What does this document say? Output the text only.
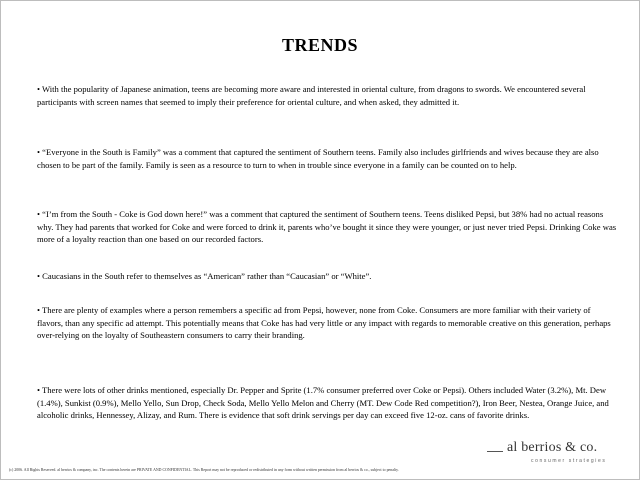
TRENDS

• With the popularity of Japanese animation, teens are becoming more aware and interested in oriental culture, from dragons to swords. We encountered several participants with screen names that seemed to imply their preference for oriental culture, and when asked, they admitted it.

• “Everyone in the South is Family” was a comment that captured the sentiment of Southern teens. Family also includes girlfriends and wives because they are also chosen to be part of the family. Family is seen as a resource to turn to when in trouble since everyone in a family can be counted on to help.

• “I’m from the South - Coke is God down here!” was a comment that captured the sentiment of Southern teens. Teens disliked Pepsi, but 38% had no actual reasons why. They had parents that worked for Coke and were forced to drink it, parents who’ve bought it since they were younger, or just never tried Pepsi. Drinking Coke was more of a loyalty reaction than one based on our recorded factors.

• Caucasians in the South refer to themselves as “American” rather than “Caucasian” or “White”.

• There are plenty of examples where a person remembers a specific ad from Pepsi, however, none from Coke. Consumers are more familiar with their variety of flavors, than any specific ad attempt. This potentially means that Coke has had very little or any impact with regards to memorable creative on this generation, perhaps over-relying on the loyalty of Southeastern consumers to carry their branding.

• There were lots of other drinks mentioned, especially Dr. Pepper and Sprite (1.7% consumer preferred over Coke or Pepsi). Others included Water (3.2%), Mt. Dew (1.4%), Sunkist (0.9%), Mello Yello, Sun Drop, Check Soda, Mello Yello Melon and Cherry (MT. Dew Code Red competition?), Iron Beer, Nestea, Orange Juice, and alcoholic drinks, Hennessey, Alizay, and Rum. There is evidence that soft drink servings per day can exceed five 12-oz. cans of favorite drinks.

al berrios & co.
consumer strategies
(c) 2006. All Rights Reserved. al berrios & company, inc. The contents herein are PRIVATE AND CONFIDENTIAL. This Report may not be reproduced or redistributed in any form without written permission from al berrios & co., subject to penalty.
